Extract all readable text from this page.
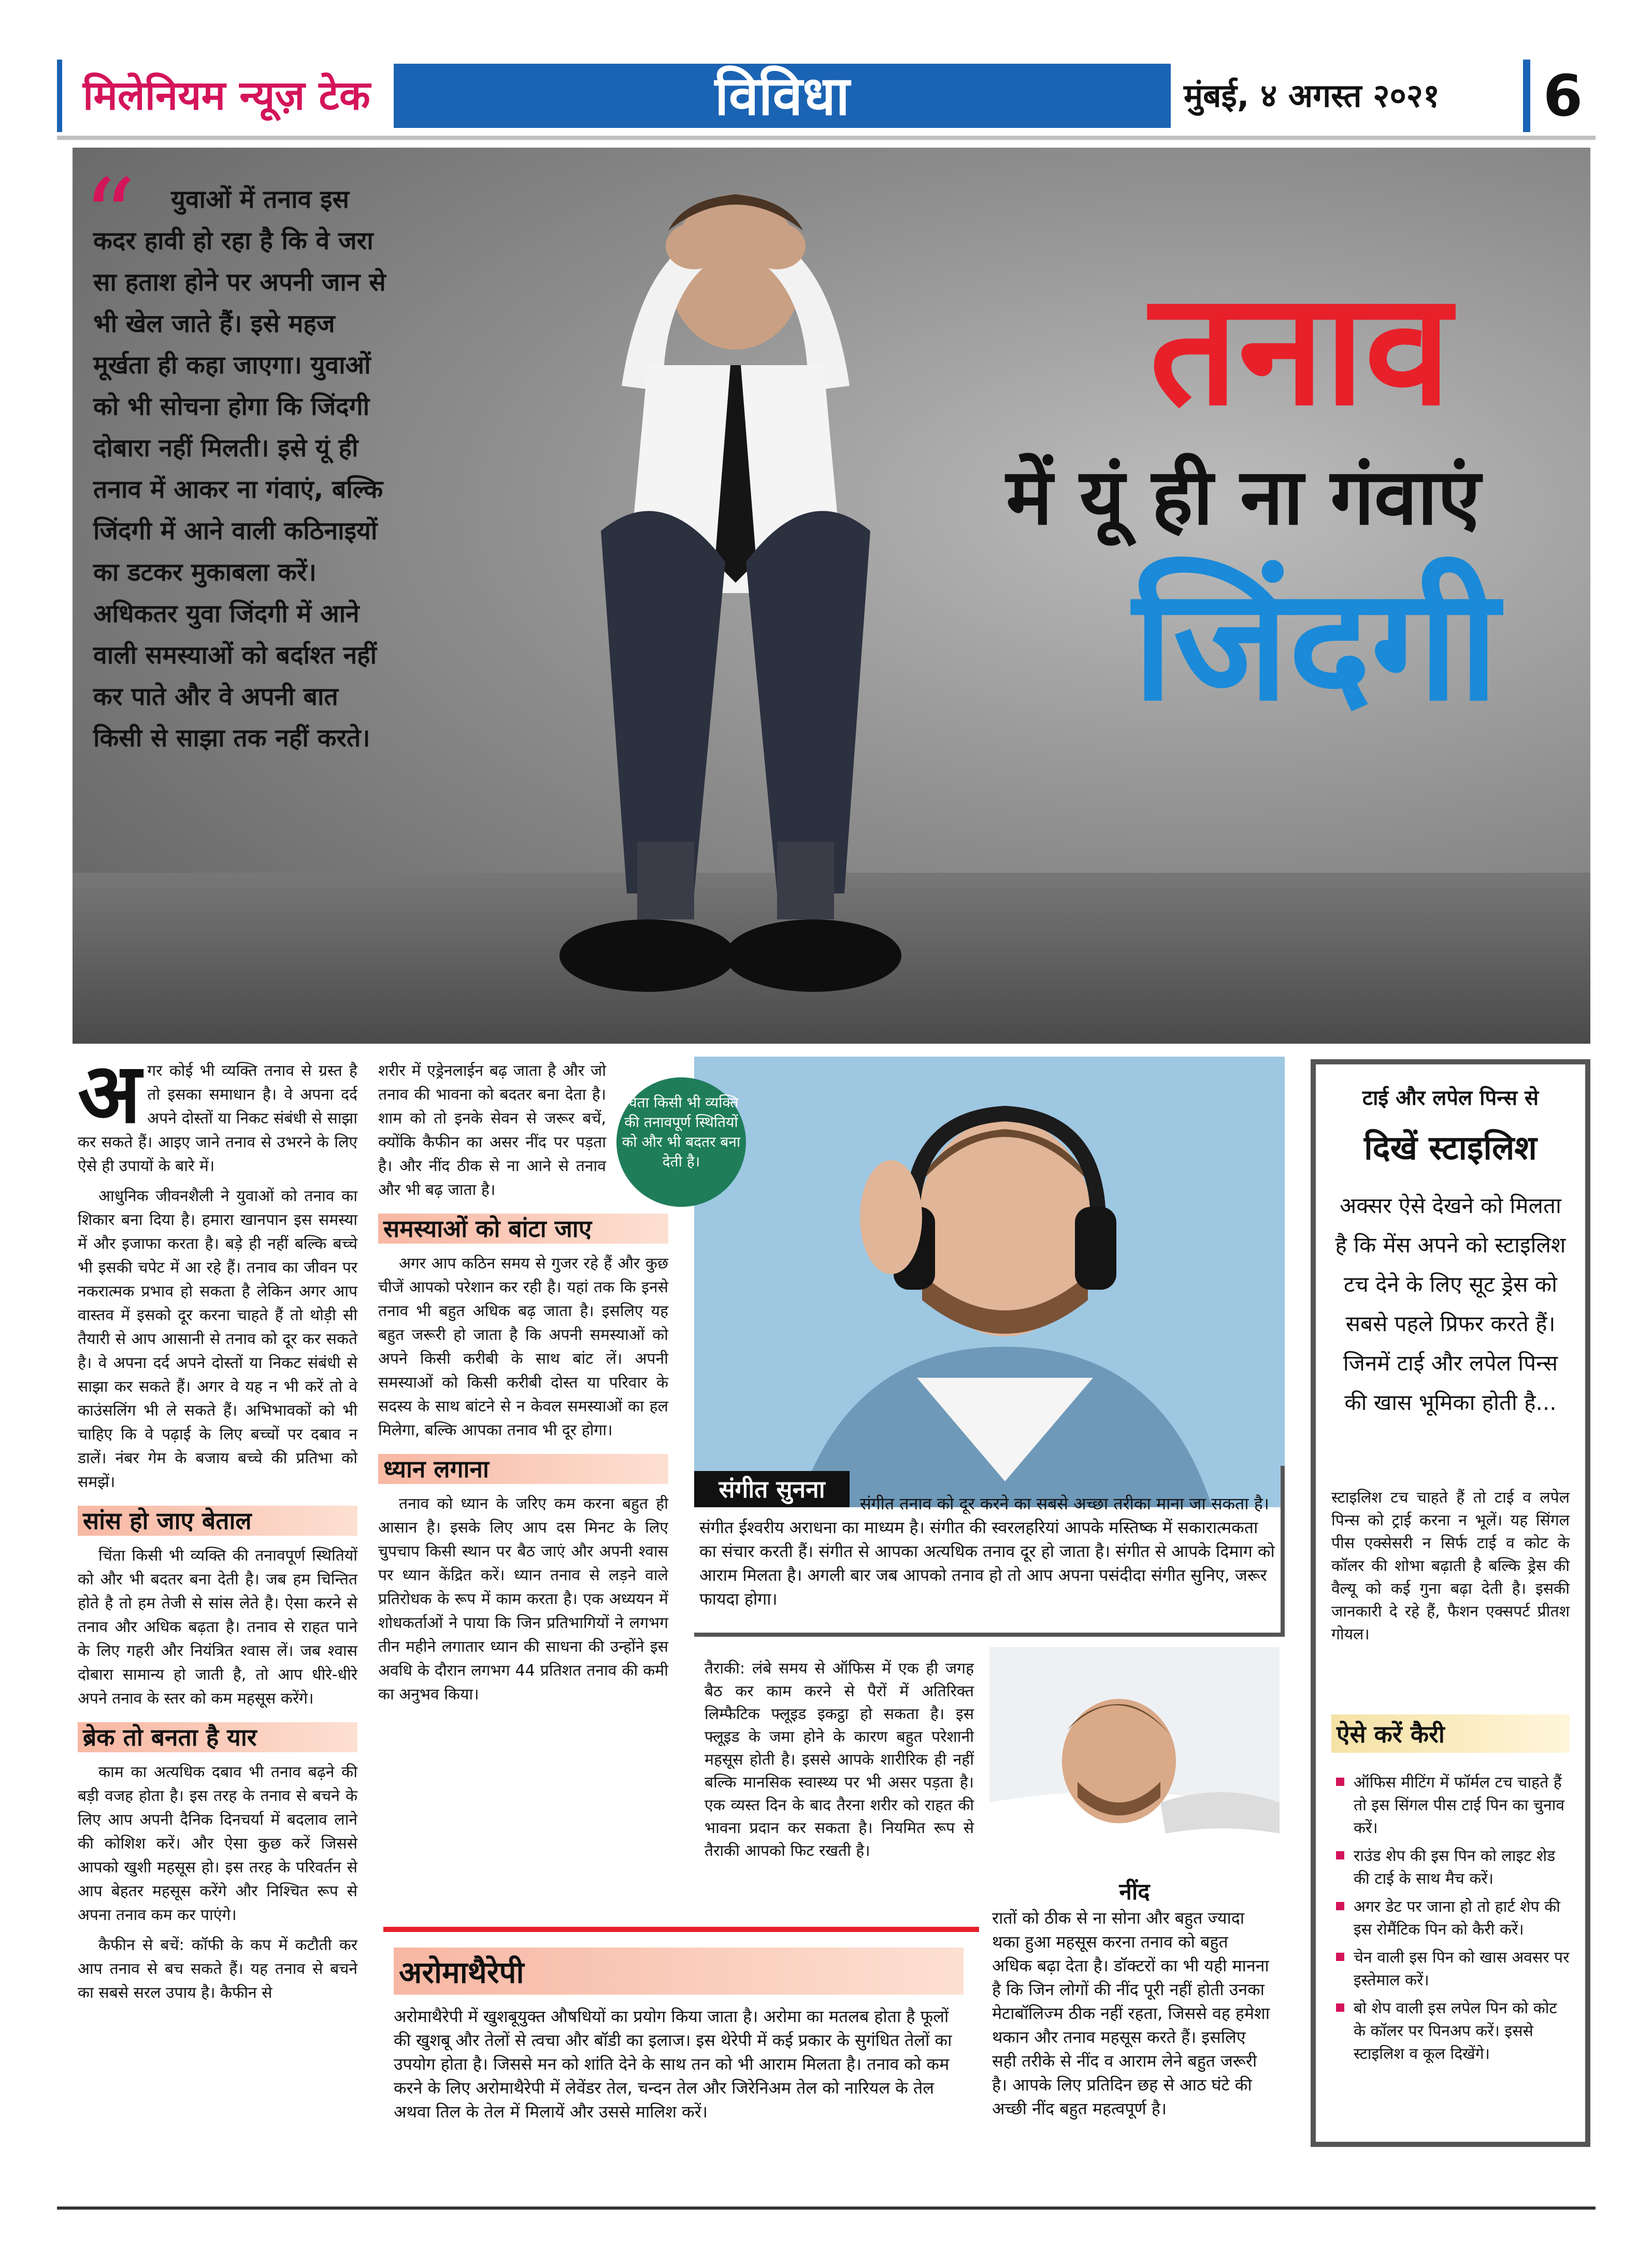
मिलेनियम न्यूज़ टेक	विविधा	मुंबई, ४ अगस्त २०२१	6
“	युवाओं में तनाव इस कदर हावी हो रहा है कि वे जरा सा हताश होने पर अपनी जान से भी खेल जाते हैं। इसे महज मूर्खता ही कहा जाएगा। युवाओं को भी सोचना होगा कि जिंदगी दोबारा नहीं मिलती। इसे यूं ही तनाव में आकर ना गंवाएं, बल्कि जिंदगी में आने वाली कठिनाइयों का डटकर मुकाबला करें। अधिकतर युवा जिंदगी में आने वाली समस्याओं को बर्दाश्त नहीं कर पाते और वे अपनी बात किसी से साझा तक नहीं करते।

तनाव
में यूं ही ना गंवाएं
जिंदगी

अगर कोई भी व्यक्ति तनाव से ग्रस्त है तो इसका समाधान है। वे अपना दर्द अपने दोस्तों या निकट संबंधी से साझा कर सकते हैं। आइए जाने तनाव से उभरने के लिए ऐसे ही उपायों के बारे में।

आधुनिक जीवनशैली ने युवाओं को तनाव का शिकार बना दिया है। हमारा खानपान इस समस्या में और इजाफा करता है। बड़े ही नहीं बल्कि बच्चे भी इसकी चपेट में आ रहे हैं। तनाव का जीवन पर नकरात्मक प्रभाव हो सकता है लेकिन अगर आप वास्तव में इसको दूर करना चाहते हैं तो थोड़ी सी तैयारी से आप आसानी से तनाव को दूर कर सकते है। वे अपना दर्द अपने दोस्तों या निकट संबंधी से साझा कर सकते हैं। अगर वे यह न भी करें तो वे काउंसलिंग भी ले सकते हैं। अभिभावकों को भी चाहिए कि वे पढ़ाई के लिए बच्चों पर दबाव न डालें। नंबर गेम के बजाय बच्चे की प्रतिभा को समझें।

सांस हो जाए बेताल

चिंता किसी भी व्यक्ति की तनावपूर्ण स्थितियों को और भी बदतर बना देती है। जब हम चिन्तित होते है तो हम तेजी से सांस लेते है। ऐसा करने से तनाव और अधिक बढ़ता है। तनाव से राहत पाने के लिए गहरी और नियंत्रित श्वास लें। जब श्वास दोबारा सामान्य हो जाती है, तो आप धीरे-धीरे अपने तनाव के स्तर को कम महसूस करेंगे।

ब्रेक तो बनता है यार

काम का अत्यधिक दबाव भी तनाव बढ़ने की बड़ी वजह होता है। इस तरह के तनाव से बचने के लिए आप अपनी दैनिक दिनचर्या में बदलाव लाने की कोशिश करें। और ऐसा कुछ करें जिससे आपको खुशी महसूस हो। इस तरह के परिवर्तन से आप बेहतर महसूस करेंगे और निश्चित रूप से अपना तनाव कम कर पाएंगे।

कैफीन से बचें: कॉफी के कप में कटौती कर आप तनाव से बच सकते हैं। यह तनाव से बचने का सबसे सरल उपाय है। कैफीन से

शरीर में एड्रेनलाईन बढ़ जाता है और जो तनाव की भावना को बदतर बना देता है। शाम को तो इनके सेवन से जरूर बचें, क्योंकि कैफीन का असर नींद पर पड़ता है। और नींद ठीक से ना आने से तनाव और भी बढ़ जाता है।

समस्याओं को बांटा जाए

अगर आप कठिन समय से गुजर रहे हैं और कुछ चीजें आपको परेशान कर रही है। यहां तक कि इनसे तनाव भी बहुत अधिक बढ़ जाता है। इसलिए यह बहुत जरूरी हो जाता है कि अपनी समस्याओं को अपने किसी करीबी के साथ बांट लें। अपनी समस्याओं को किसी करीबी दोस्त या परिवार के सदस्य के साथ बांटने से न केवल समस्याओं का हल मिलेगा, बल्कि आपका तनाव भी दूर होगा।

ध्यान लगाना

तनाव को ध्यान के जरिए कम करना बहुत ही आसान है। इसके लिए आप दस मिनट के लिए चुपचाप किसी स्थान पर बैठ जाएं और अपनी श्वास पर ध्यान केंद्रित करें। ध्यान तनाव से लड़ने वाले प्रतिरोधक के रूप में काम करता है। एक अध्ययन में शोधकर्ताओं ने पाया कि जिन प्रतिभागियों ने लगभग तीन महीने लगातार ध्यान की साधना की उन्होंने इस अवधि के दौरान लगभग 44 प्रतिशत तनाव की कमी का अनुभव किया।

चिंता किसी भी व्यक्ति की तनावपूर्ण स्थितियों को और भी बदतर बना देती है।
संगीत सुनना
संगीत तनाव को दूर करने का सबसे अच्छा तरीका माना जा सकता है। संगीत ईश्वरीय अराधना का माध्यम है। संगीत की स्वरलहरियां आपके मस्तिष्क में सकारात्मकता का संचार करती हैं। संगीत से आपका अत्यधिक तनाव दूर हो जाता है। संगीत से आपके दिमाग को आराम मिलता है। अगली बार जब आपको तनाव हो तो आप अपना पसंदीदा संगीत सुनिए, जरूर फायदा होगा।
तैराकी: लंबे समय से ऑफिस में एक ही जगह बैठ कर काम करने से पैरों में अतिरिक्त लिम्फैटिक फ्लूइड इकट्ठा हो सकता है। इस फ्लूइड के जमा होने के कारण बहुत परेशानी महसूस होती है। इससे आपके शारीरिक ही नहीं बल्कि मानसिक स्वास्थ्य पर भी असर पड़ता है। एक व्यस्त दिन के बाद तैरना शरीर को राहत की भावना प्रदान कर सकता है। नियमित रूप से तैराकी आपको फिट रखती है।
नींद
रातों को ठीक से ना सोना और बहुत ज्यादा थका हुआ महसूस करना तनाव को बहुत अधिक बढ़ा देता है। डॉक्टरों का भी यही मानना है कि जिन लोगों की नींद पूरी नहीं होती उनका मेटाबॉलिज्म ठीक नहीं रहता, जिससे वह हमेशा थकान और तनाव महसूस करते हैं। इसलिए सही तरीके से नींद व आराम लेने बहुत जरूरी है। आपके लिए प्रतिदिन छह से आठ घंटे की अच्छी नींद बहुत महत्वपूर्ण है।
अरोमाथैरेपी
अरोमाथैरेपी में खुशबूयुक्त औषधियों का प्रयोग किया जाता है। अरोमा का मतलब होता है फूलों की खुशबू और तेलों से त्वचा और बॉडी का इलाज। इस थेरेपी में कई प्रकार के सुगंधित तेलों का उपयोग होता है। जिससे मन को शांति देने के साथ तन को भी आराम मिलता है। तनाव को कम करने के लिए अरोमाथैरेपी में लेवेंडर तेल, चन्दन तेल और जिरेनिअम तेल को नारियल के तेल अथवा तिल के तेल में मिलायें और उससे मालिश करें।
टाई और लपेल पिन्स से
दिखें स्टाइलिश
अक्सर ऐसे देखने को मिलता है कि मेंस अपने को स्टाइलिश टच देने के लिए सूट ड्रेस को सबसे पहले प्रिफर करते हैं। जिनमें टाई और लपेल पिन्स की खास भूमिका होती है...
स्टाइलिश टच चाहते हैं तो टाई व लपेल पिन्स को ट्राई करना न भूलें। यह सिंगल पीस एक्सेसरी न सिर्फ टाई व कोट के कॉलर की शोभा बढ़ाती है बल्कि ड्रेस की वैल्यू को कई गुना बढ़ा देती है। इसकी जानकारी दे रहे हैं, फैशन एक्सपर्ट प्रीतश गोयल।
ऐसे करें कैरी
ऑफिस मीटिंग में फॉर्मल टच चाहते हैं तो इस सिंगल पीस टाई पिन का चुनाव करें।
राउंड शेप की इस पिन को लाइट शेड की टाई के साथ मैच करें।
अगर डेट पर जाना हो तो हार्ट शेप की इस रोमैंटिक पिन को कैरी करें।
चेन वाली इस पिन को खास अवसर पर इस्तेमाल करें।
बो शेप वाली इस लपेल पिन को कोट के कॉलर पर पिनअप करें। इससे स्टाइलिश व कूल दिखेंगे।
